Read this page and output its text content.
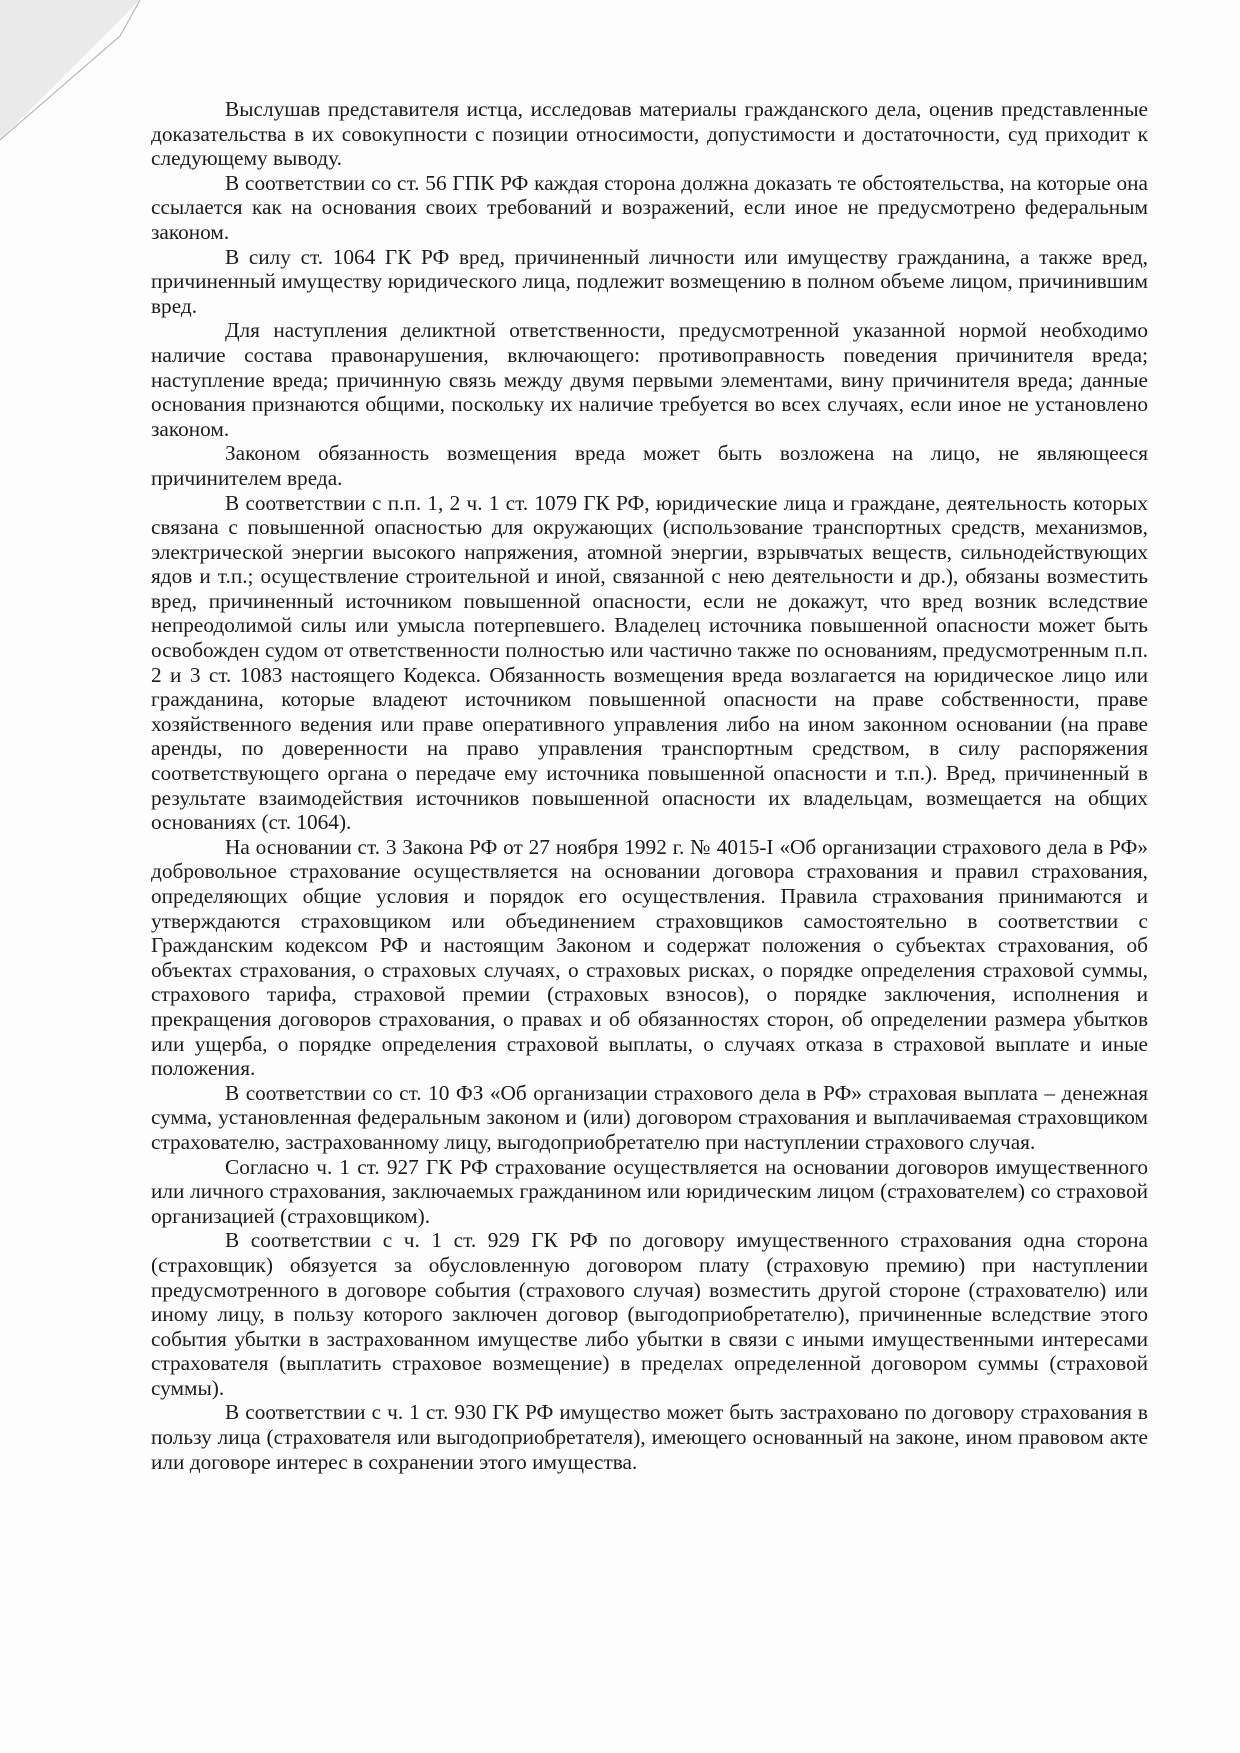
Выслушав представителя истца, исследовав материалы гражданского дела, оценив представленные доказательства в их совокупности с позиции относимости, допустимости и достаточности, суд приходит к следующему выводу.

В соответствии со ст. 56 ГПК РФ каждая сторона должна доказать те обстоятельства, на которые она ссылается как на основания своих требований и возражений, если иное не предусмотрено федеральным законом.

В силу ст. 1064 ГК РФ вред, причиненный личности или имуществу гражданина, а также вред, причиненный имуществу юридического лица, подлежит возмещению в полном объеме лицом, причинившим вред.

Для наступления деликтной ответственности, предусмотренной указанной нормой необходимо наличие состава правонарушения, включающего: противоправность поведения причинителя вреда; наступление вреда; причинную связь между двумя первыми элементами, вину причинителя вреда; данные основания признаются общими, поскольку их наличие требуется во всех случаях, если иное не установлено законом.

Законом обязанность возмещения вреда может быть возложена на лицо, не являющееся причинителем вреда.

В соответствии с п.п. 1, 2 ч. 1 ст. 1079 ГК РФ, юридические лица и граждане, деятельность которых связана с повышенной опасностью для окружающих (использование транспортных средств, механизмов, электрической энергии высокого напряжения, атомной энергии, взрывчатых веществ, сильнодействующих ядов и т.п.; осуществление строительной и иной, связанной с нею деятельности и др.), обязаны возместить вред, причиненный источником повышенной опасности, если не докажут, что вред возник вследствие непреодолимой силы или умысла потерпевшего. Владелец источника повышенной опасности может быть освобожден судом от ответственности полностью или частично также по основаниям, предусмотренным п.п. 2 и 3 ст. 1083 настоящего Кодекса. Обязанность возмещения вреда возлагается на юридическое лицо или гражданина, которые владеют источником повышенной опасности на праве собственности, праве хозяйственного ведения или праве оперативного управления либо на ином законном основании (на праве аренды, по доверенности на право управления транспортным средством, в силу распоряжения соответствующего органа о передаче ему источника повышенной опасности и т.п.). Вред, причиненный в результате взаимодействия источников повышенной опасности их владельцам, возмещается на общих основаниях (ст. 1064).

На основании ст. 3 Закона РФ от 27 ноября 1992 г. № 4015-I «Об организации страхового дела в РФ» добровольное страхование осуществляется на основании договора страхования и правил страхования, определяющих общие условия и порядок его осуществления. Правила страхования принимаются и утверждаются страховщиком или объединением страховщиков самостоятельно в соответствии с Гражданским кодексом РФ и настоящим Законом и содержат положения о субъектах страхования, об объектах страхования, о страховых случаях, о страховых рисках, о порядке определения страховой суммы, страхового тарифа, страховой премии (страховых взносов), о порядке заключения, исполнения и прекращения договоров страхования, о правах и об обязанностях сторон, об определении размера убытков или ущерба, о порядке определения страховой выплаты, о случаях отказа в страховой выплате и иные положения.

В соответствии со ст. 10 ФЗ «Об организации страхового дела в РФ» страховая выплата – денежная сумма, установленная федеральным законом и (или) договором страхования и выплачиваемая страховщиком страхователю, застрахованному лицу, выгодоприобретателю при наступлении страхового случая.

Согласно ч. 1 ст. 927 ГК РФ страхование осуществляется на основании договоров имущественного или личного страхования, заключаемых гражданином или юридическим лицом (страхователем) со страховой организацией (страховщиком).

В соответствии с ч. 1 ст. 929 ГК РФ по договору имущественного страхования одна сторона (страховщик) обязуется за обусловленную договором плату (страховую премию) при наступлении предусмотренного в договоре события (страхового случая) возместить другой стороне (страхователю) или иному лицу, в пользу которого заключен договор (выгодоприобретателю), причиненные вследствие этого события убытки в застрахованном имуществе либо убытки в связи с иными имущественными интересами страхователя (выплатить страховое возмещение) в пределах определенной договором суммы (страховой суммы).

В соответствии с ч. 1 ст. 930 ГК РФ имущество может быть застраховано по договору страхования в пользу лица (страхователя или выгодоприобретателя), имеющего основанный на законе, ином правовом акте или договоре интерес в сохранении этого имущества.
